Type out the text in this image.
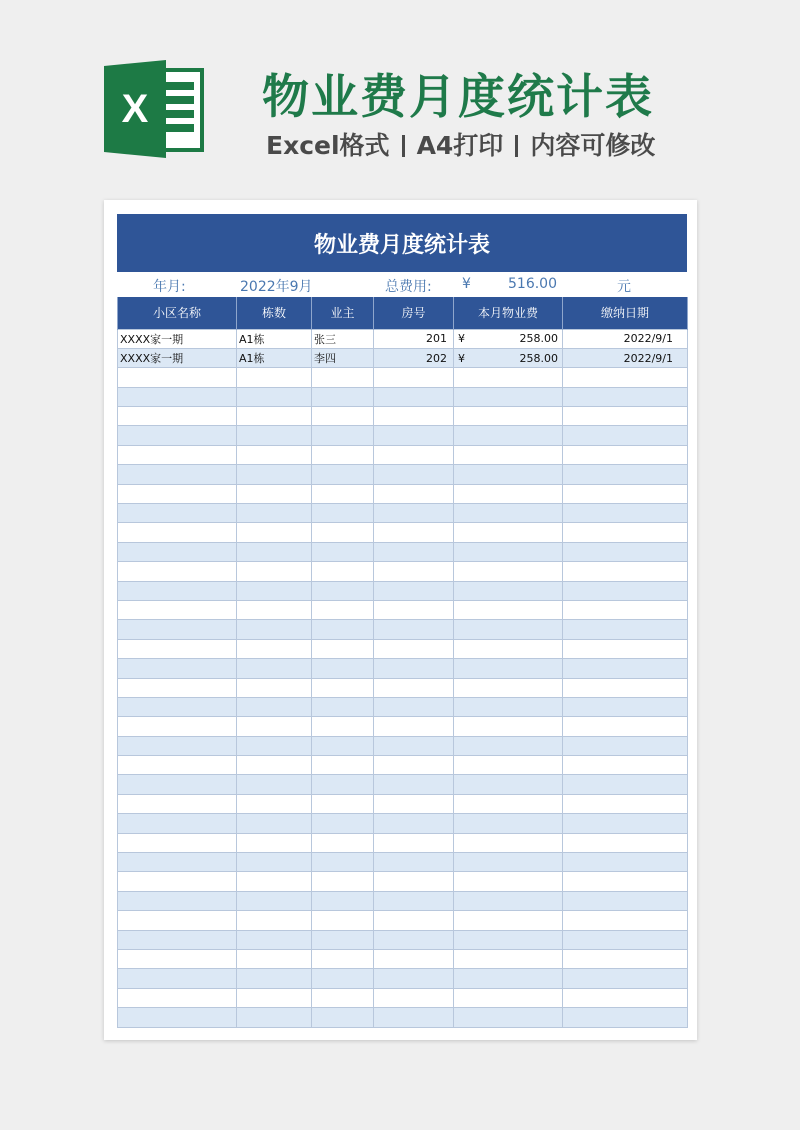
X 物业费月度统计表
Excel格式 A4打印 内容可修改
物业费月度统计表
年月:	2022年9月	总费用: ¥	516.00	元
小区名称	栋数	业主	房号	本月物业费	缴纳日期
XXXX家一期	A1栋	张三	201	¥ 258.00	2022/9/1
XXXX家一期	A1栋	李四	202	¥ 258.00	2022/9/1
